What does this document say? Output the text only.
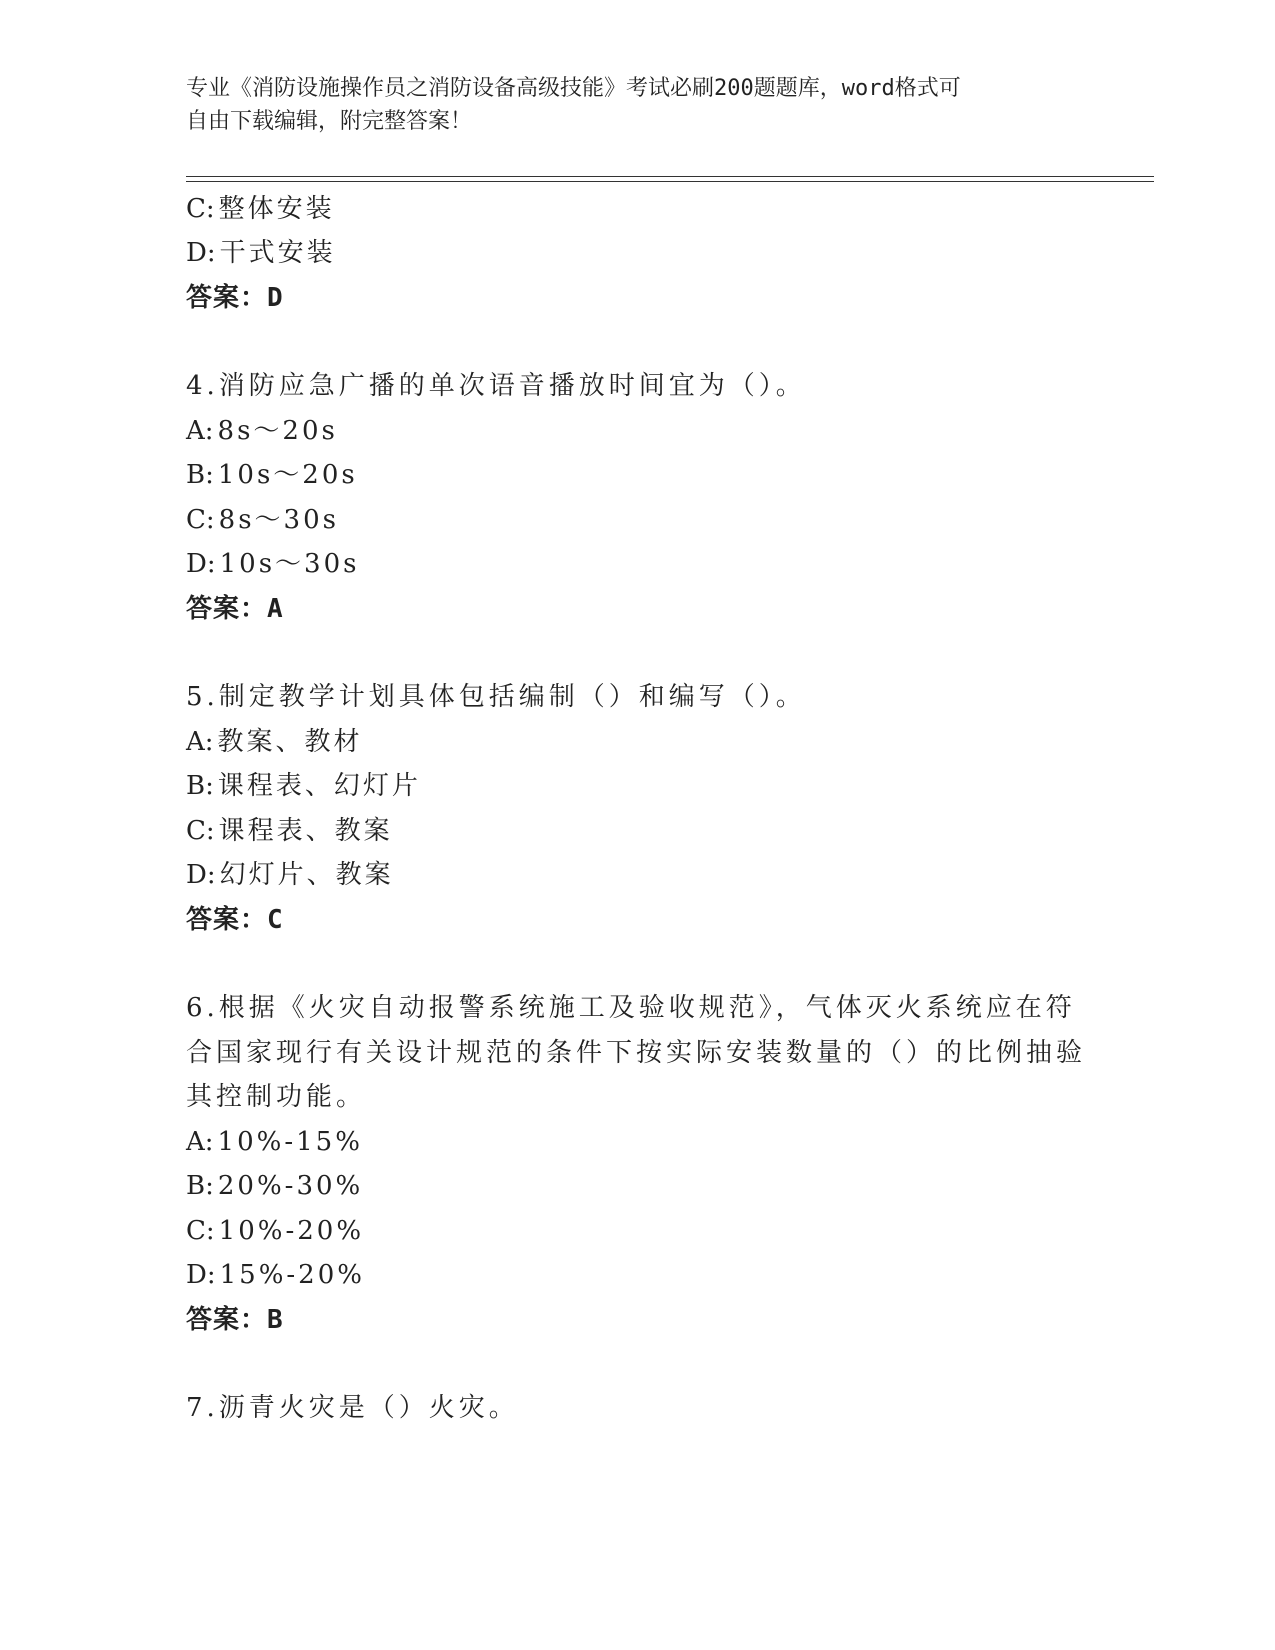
专业《消防设施操作员之消防设备高级技能》考试必刷200题题库，word格式可
自由下载编辑，附完整答案！
C: 整体安装
D: 干式安装
答案：D
4.消防应急广播的单次语音播放时间宜为（）。
A: 8s～20s
B: 10s～20s
C: 8s～30s
D: 10s～30s
答案：A
5.制定教学计划具体包括编制（）和编写（）。
A: 教案、教材
B: 课程表、幻灯片
C: 课程表、教案
D: 幻灯片、教案
答案：C
6.根据《火灾自动报警系统施工及验收规范》，气体灭火系统应在符
合国家现行有关设计规范的条件下按实际安装数量的（）的比例抽验
其控制功能。
A: 10%-15%
B: 20%-30%
C: 10%-20%
D: 15%-20%
答案：B
7.沥青火灾是（）火灾。
